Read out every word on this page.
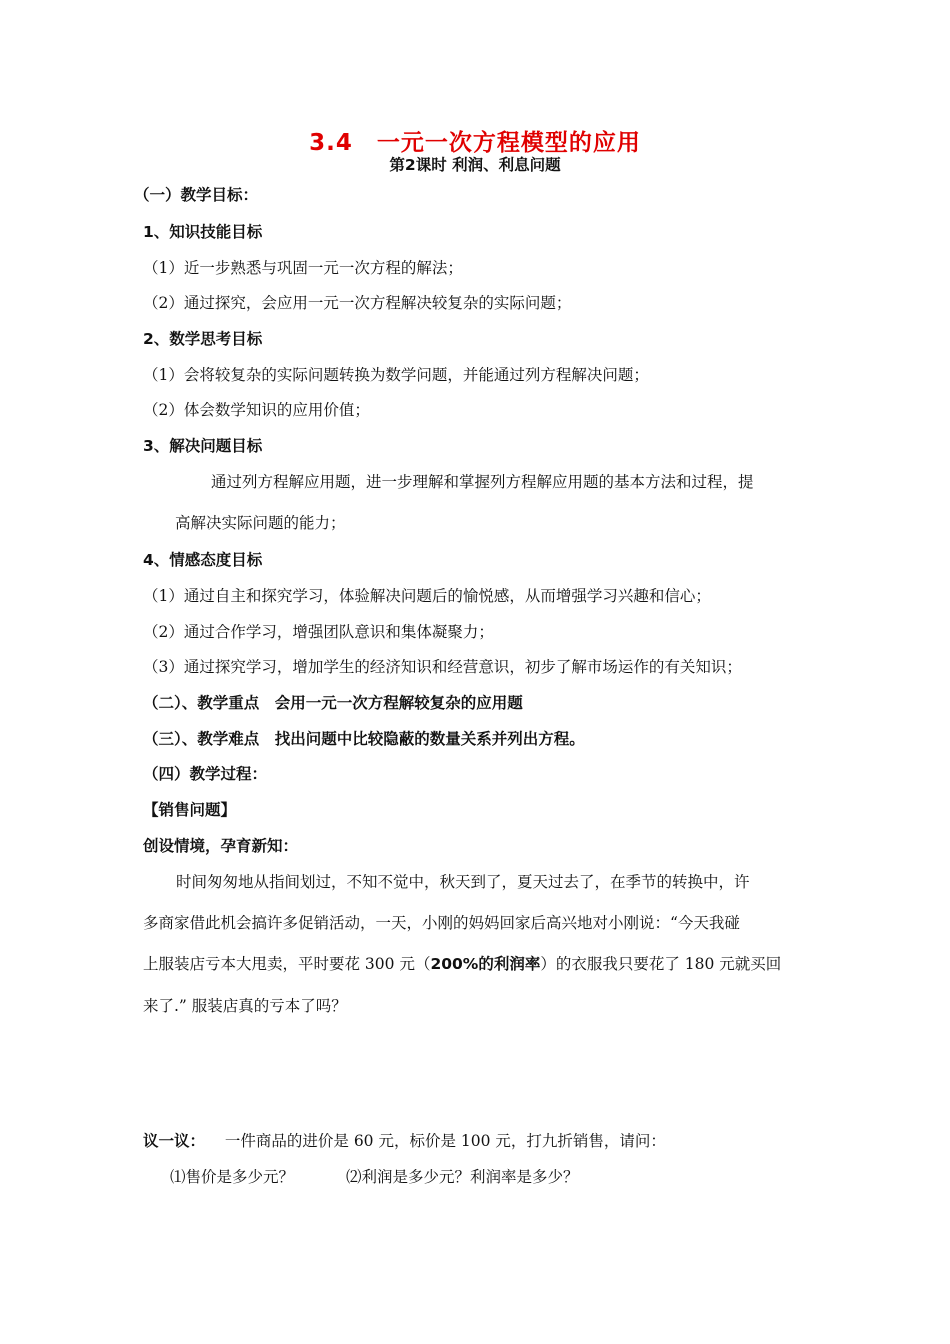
3.4　一元一次方程模型的应用
第2课时 利润、利息问题
（一）教学目标：
1、知识技能目标
（1）近一步熟悉与巩固一元一次方程的解法；
（2）通过探究，会应用一元一次方程解决较复杂的实际问题；
2、数学思考目标
（1）会将较复杂的实际问题转换为数学问题，并能通过列方程解决问题；
（2）体会数学知识的应用价值；
3、解决问题目标
通过列方程解应用题，进一步理解和掌握列方程解应用题的基本方法和过程，提
高解决实际问题的能力；
4、情感态度目标
（1）通过自主和探究学习，体验解决问题后的愉悦感，从而增强学习兴趣和信心；
（2）通过合作学习，增强团队意识和集体凝聚力；
（3）通过探究学习，增加学生的经济知识和经营意识，初步了解市场运作的有关知识；
（二）、教学重点　会用一元一次方程解较复杂的应用题
（三）、教学难点　找出问题中比较隐蔽的数量关系并列出方程。
（四）教学过程：
【销售问题】
创设情境，孕育新知：
时间匆匆地从指间划过，不知不觉中，秋天到了，夏天过去了，在季节的转换中，许
多商家借此机会搞许多促销活动，一天，小刚的妈妈回家后高兴地对小刚说：“今天我碰
上服装店亏本大甩卖，平时要花 300 元（200%的利润率）的衣服我只要花了 180 元就买回
来了.” 服装店真的亏本了吗？
议一议： 一件商品的进价是 60 元，标价是 100 元，打九折销售，请问：
⑴售价是多少元？	⑵利润是多少元？利润率是多少？
